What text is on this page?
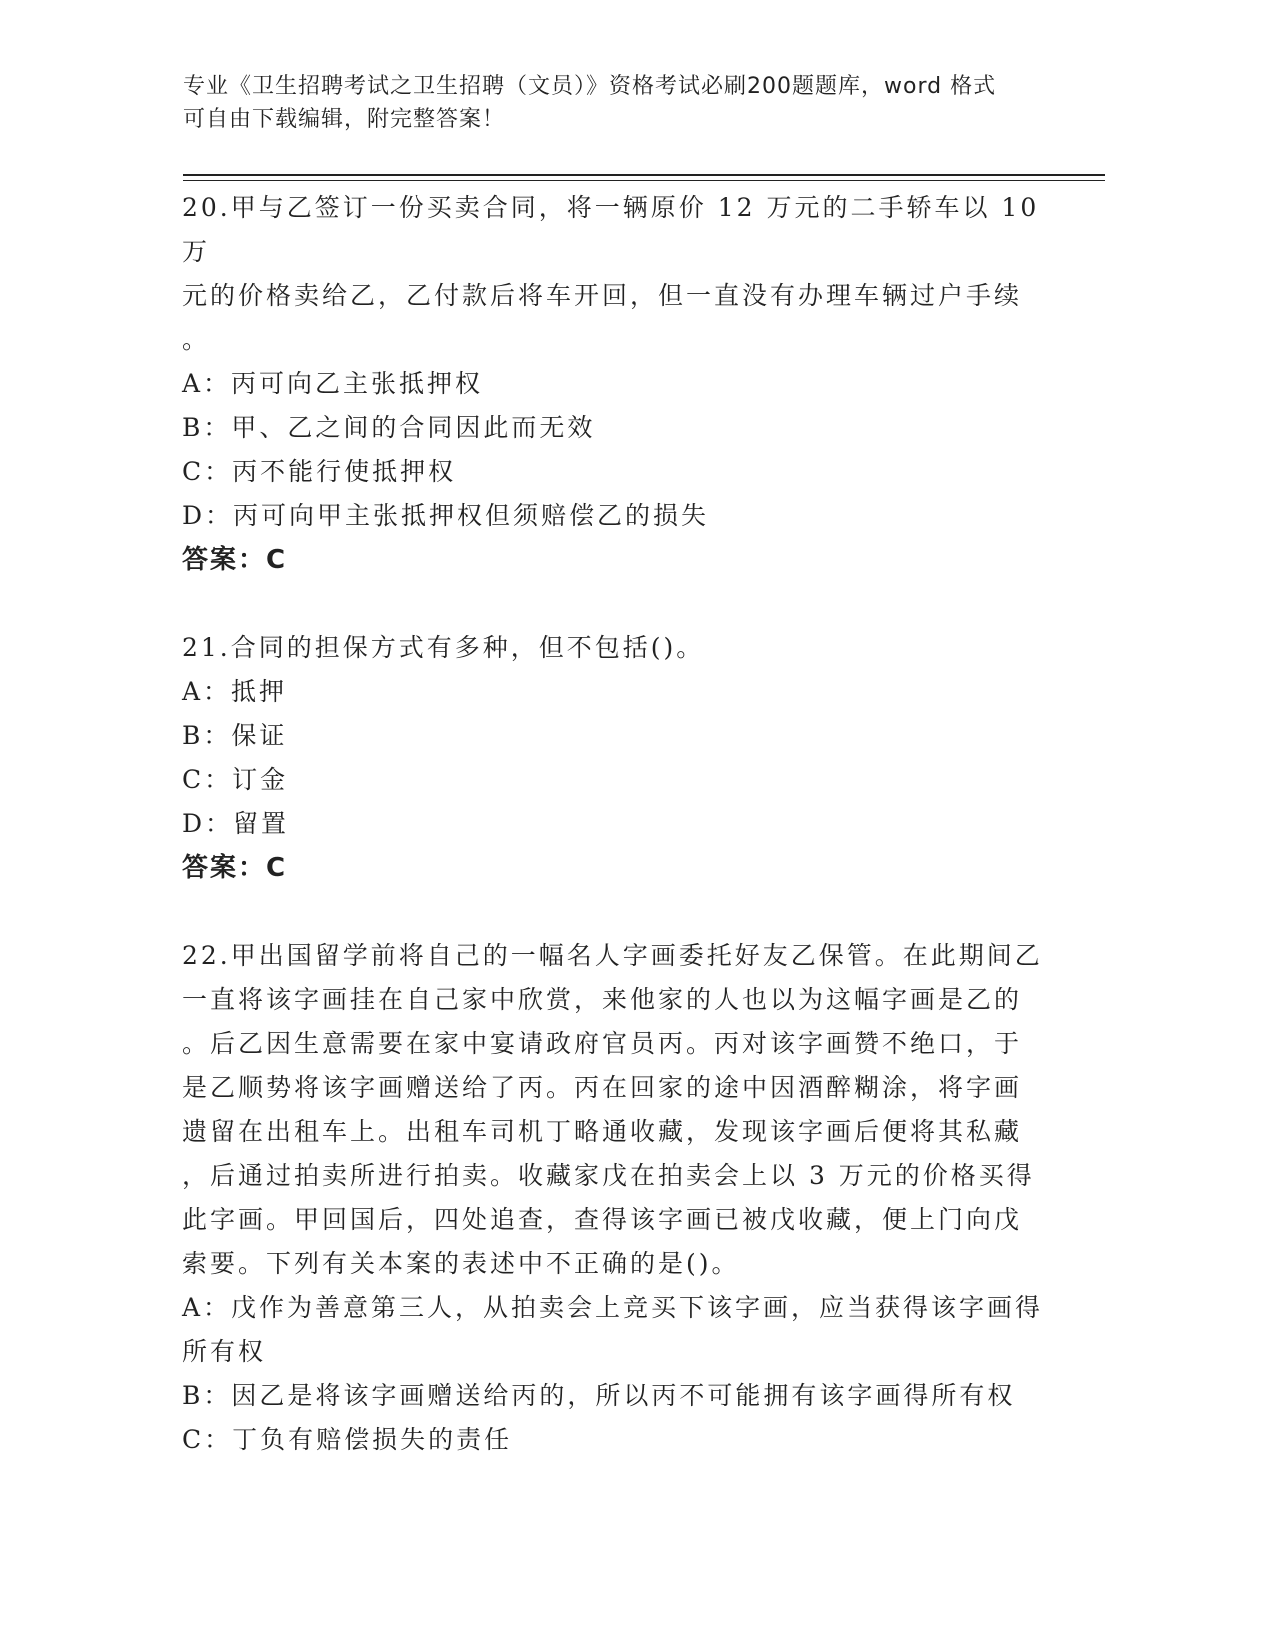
专业《卫生招聘考试之卫生招聘（文员）》资格考试必刷200题题库，word 格式
可自由下载编辑，附完整答案！
20.甲与乙签订一份买卖合同，将一辆原价 12 万元的二手轿车以 10 万
元的价格卖给乙，乙付款后将车开回，但一直没有办理车辆过户手续
。
A：丙可向乙主张抵押权
B：甲、乙之间的合同因此而无效
C：丙不能行使抵押权
D：丙可向甲主张抵押权但须赔偿乙的损失
答案：C
21.合同的担保方式有多种，但不包括()。
A：抵押
B：保证
C：订金
D：留置
答案：C
22.甲出国留学前将自己的一幅名人字画委托好友乙保管。在此期间乙
一直将该字画挂在自己家中欣赏，来他家的人也以为这幅字画是乙的
。后乙因生意需要在家中宴请政府官员丙。丙对该字画赞不绝口，于
是乙顺势将该字画赠送给了丙。丙在回家的途中因酒醉糊涂，将字画
遗留在出租车上。出租车司机丁略通收藏，发现该字画后便将其私藏
，后通过拍卖所进行拍卖。收藏家戊在拍卖会上以 3 万元的价格买得
此字画。甲回国后，四处追查，查得该字画已被戊收藏，便上门向戊
索要。下列有关本案的表述中不正确的是()。
A：戊作为善意第三人，从拍卖会上竞买下该字画，应当获得该字画得
所有权
B：因乙是将该字画赠送给丙的，所以丙不可能拥有该字画得所有权
C：丁负有赔偿损失的责任
